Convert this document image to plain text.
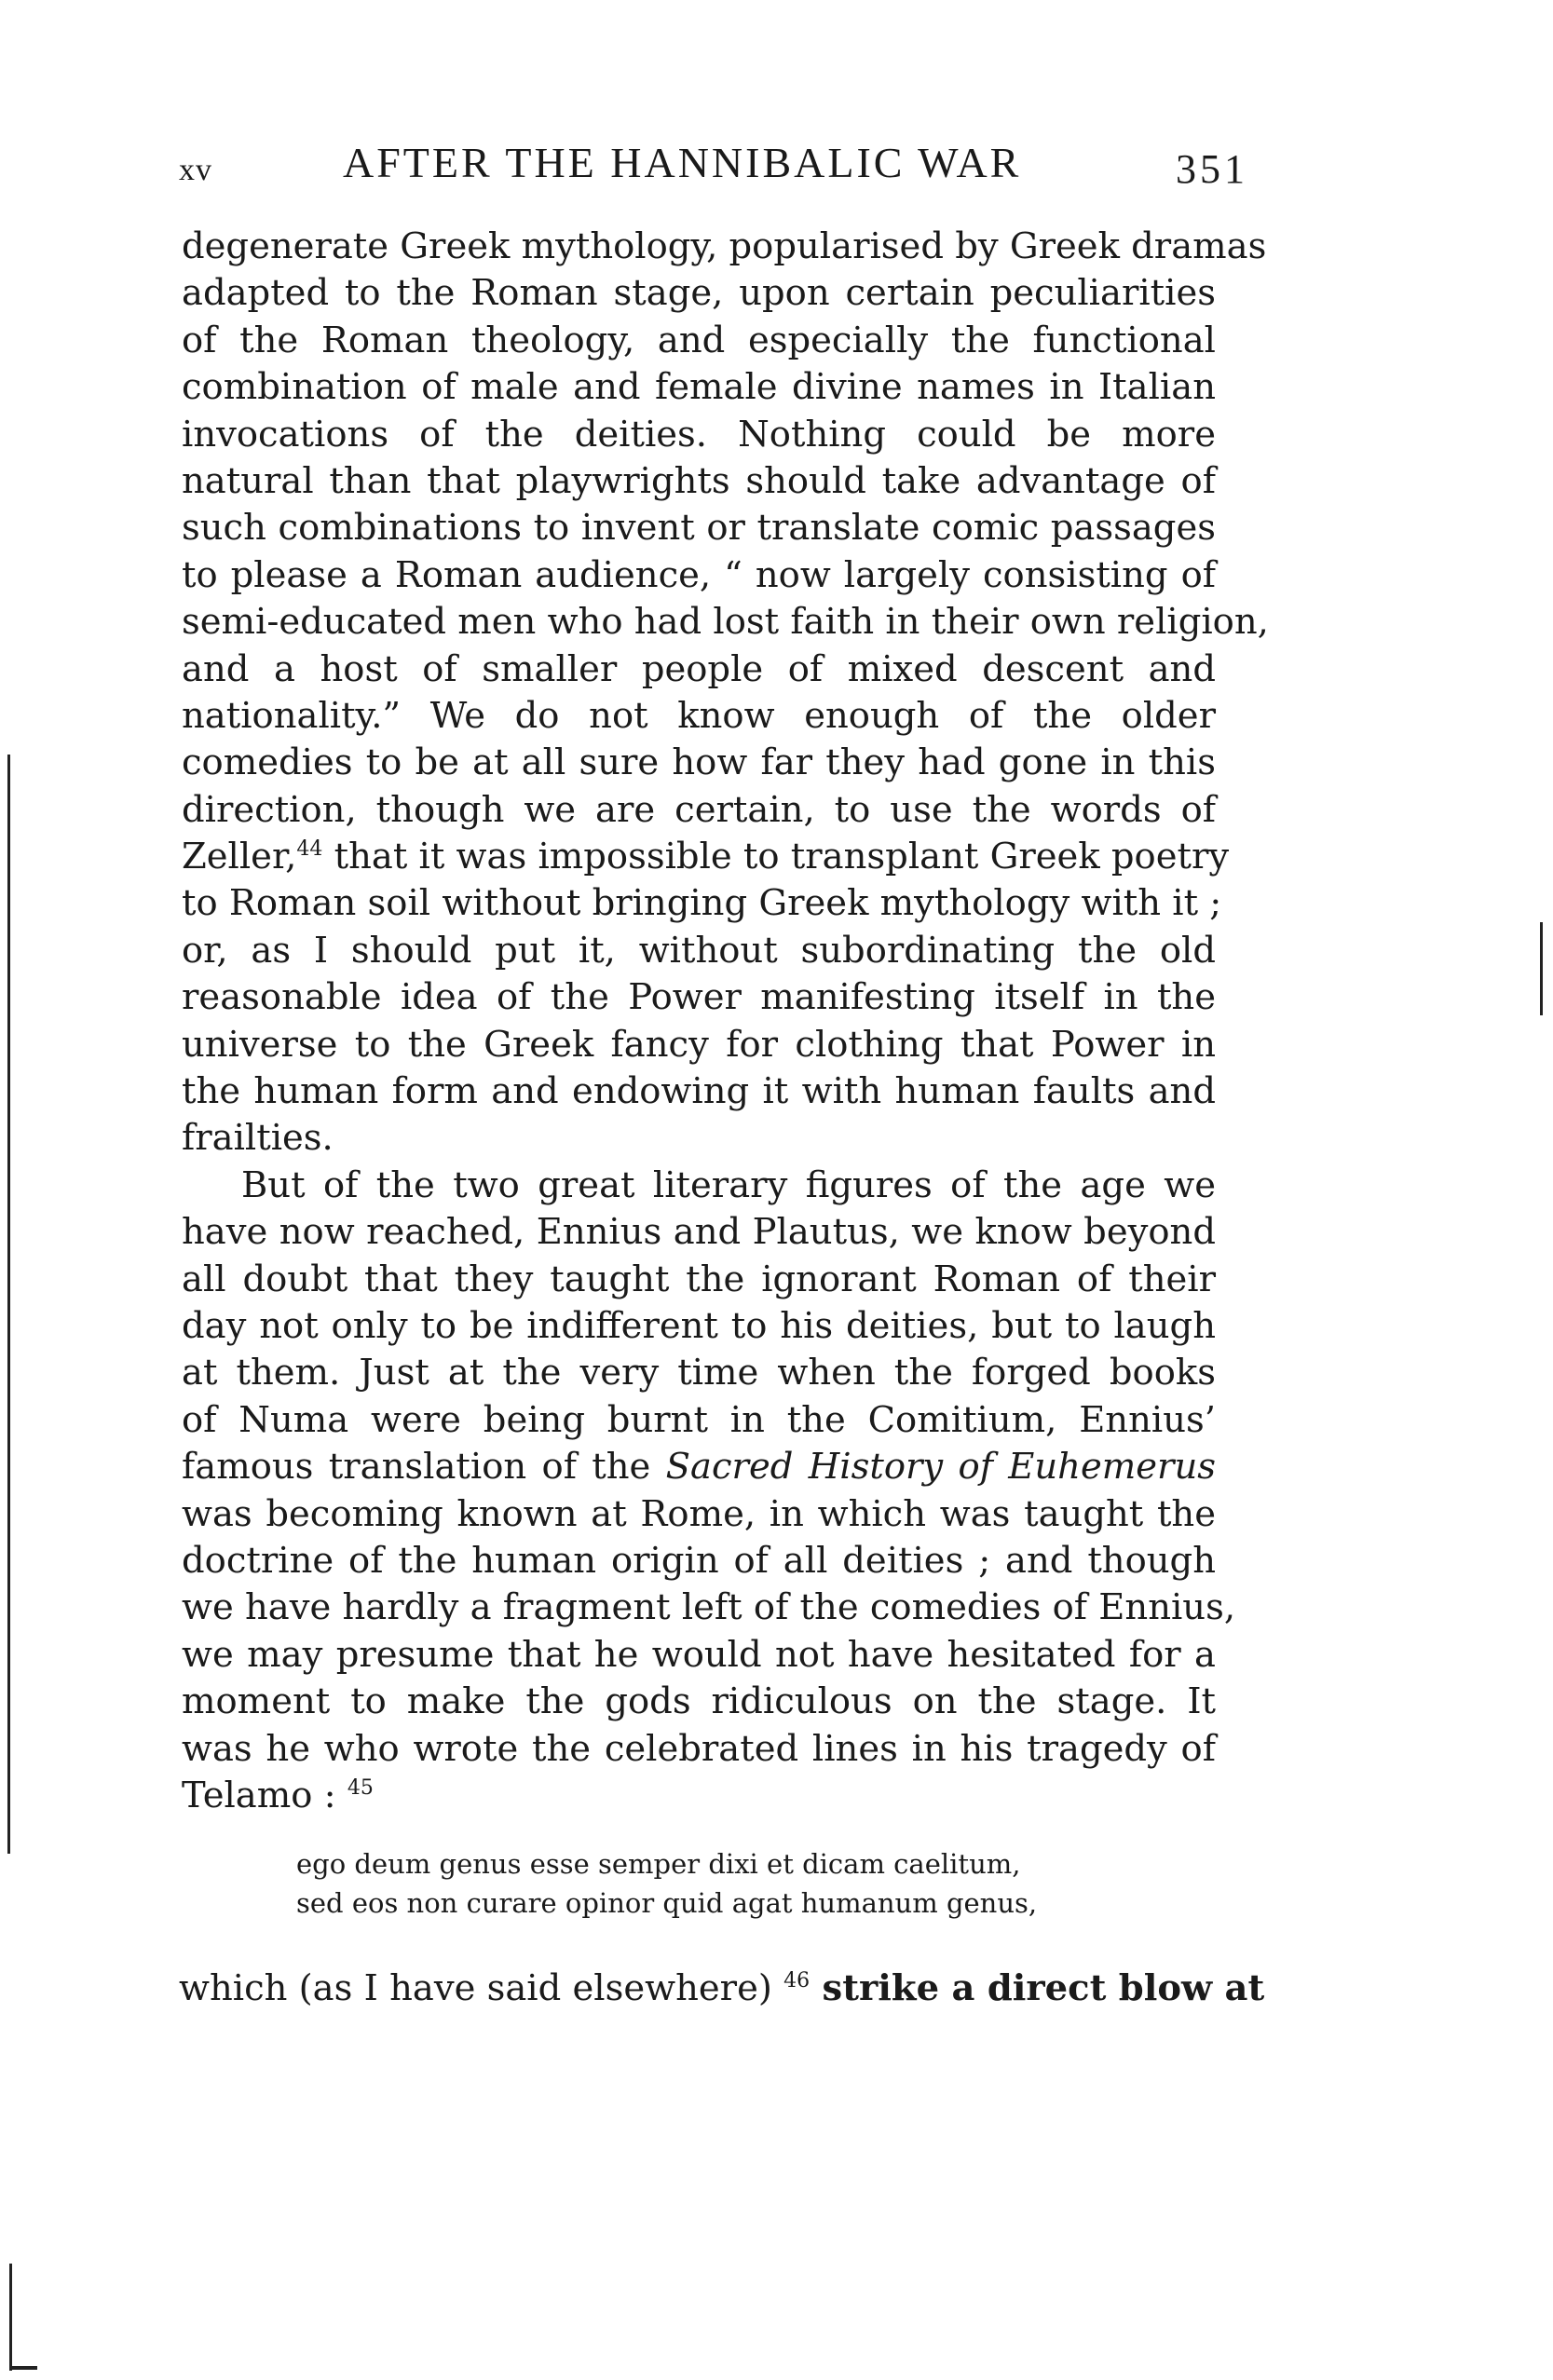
xv	AFTER THE HANNIBALIC WAR	351
degenerate Greek mythology, popularised by Greek dramas
adapted to the Roman stage, upon certain peculiarities
of the Roman theology, and especially the functional
combination of male and female divine names in Italian
invocations of the deities. Nothing could be more
natural than that playwrights should take advantage of
such combinations to invent or translate comic passages
to please a Roman audience, “ now largely consisting of
semi-educated men who had lost faith in their own religion,
and a host of smaller people of mixed descent and
nationality.” We do not know enough of the older
comedies to be at all sure how far they had gone in this
direction, though we are certain, to use the words of
Zeller,$^{44}$ that it was impossible to transplant Greek poetry
to Roman soil without bringing Greek mythology with it ;
or, as I should put it, without subordinating the old
reasonable idea of the Power manifesting itself in the
universe to the Greek fancy for clothing that Power in
the human form and endowing it with human faults and
frailties.
But of the two great literary figures of the age we
have now reached, Ennius and Plautus, we know beyond
all doubt that they taught the ignorant Roman of their
day not only to be indifferent to his deities, but to laugh
at them. Just at the very time when the forged books
of Numa were being burnt in the Comitium, Ennius’
famous translation of the Sacred History of Euhemerus
was becoming known at Rome, in which was taught the
doctrine of the human origin of all deities ; and though
we have hardly a fragment left of the comedies of Ennius,
we may presume that he would not have hesitated for a
moment to make the gods ridiculous on the stage. It
was he who wrote the celebrated lines in his tragedy of
Telamo : $^{45}$
ego deum genus esse semper dixi et dicam caelitum,
sed eos non curare opinor quid agat humanum genus,
which (as I have said elsewhere) $^{46}$ strike a direct blow at
